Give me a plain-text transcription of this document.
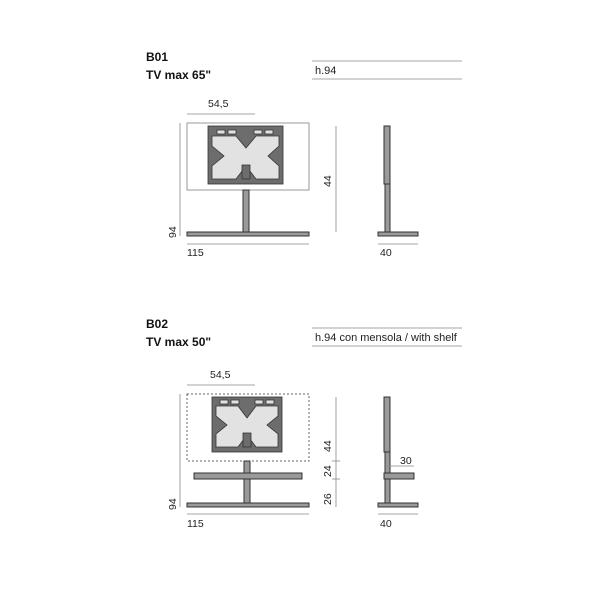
B01
TV max 65"	h.94
54,5
94
115
44
40
B02
TV max 50"	h.94 con mensola / with shelf
54,5
94
115
44
24
26
30
40
